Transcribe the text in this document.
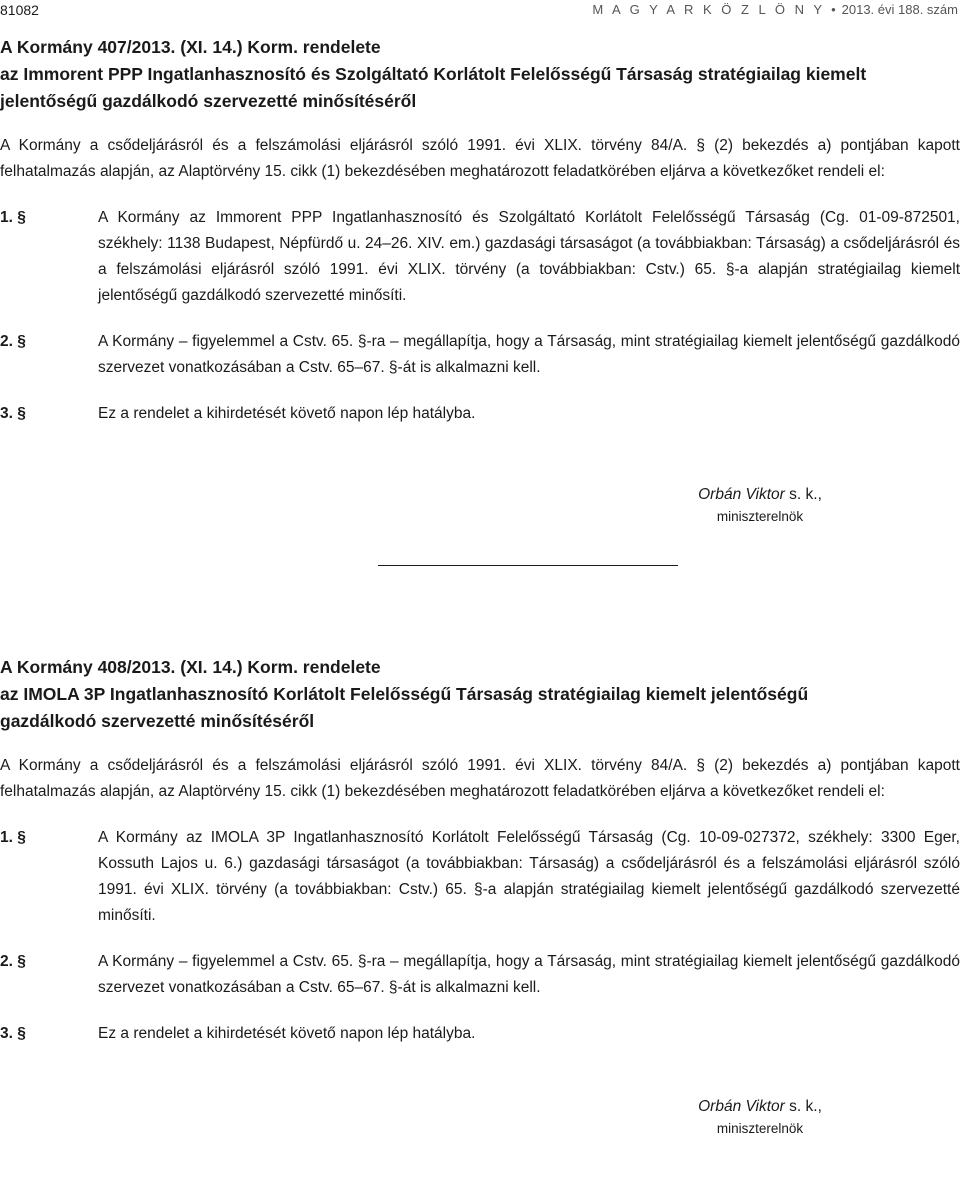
81082	M A G Y A R K Ö Z L Ö N Y • 2013. évi 188. szám
A Kormány 407/2013. (XI. 14.) Korm. rendelete
az Immorent PPP Ingatlanhasznosító és Szolgáltató Korlátolt Felelősségű Társaság stratégiailag kiemelt
jelentőségű gazdálkodó szervezetté minősítéséről
A Kormány a csődeljárásról és a felszámolási eljárásról szóló 1991. évi XLIX. törvény 84/A. § (2) bekezdés a) pontjában kapott felhatalmazás alapján, az Alaptörvény 15. cikk (1) bekezdésében meghatározott feladatkörében eljárva a következőket rendeli el:
1. §	A Kormány az Immorent PPP Ingatlanhasznosító és Szolgáltató Korlátolt Felelősségű Társaság (Cg. 01-09-872501, székhely: 1138 Budapest, Népfürdő u. 24–26. XIV. em.) gazdasági társaságot (a továbbiakban: Társaság) a csődeljárásról és a felszámolási eljárásról szóló 1991. évi XLIX. törvény (a továbbiakban: Cstv.) 65. §-a alapján stratégiailag kiemelt jelentőségű gazdálkodó szervezetté minősíti.
2. §	A Kormány – figyelemmel a Cstv. 65. §-ra – megállapítja, hogy a Társaság, mint stratégiailag kiemelt jelentőségű gazdálkodó szervezet vonatkozásában a Cstv. 65–67. §-át is alkalmazni kell.
3. §	Ez a rendelet a kihirdetését követő napon lép hatályba.
Orbán Viktor s. k.,
miniszterelnök
A Kormány 408/2013. (XI. 14.) Korm. rendelete
az IMOLA 3P Ingatlanhasznosító Korlátolt Felelősségű Társaság stratégiailag kiemelt jelentőségű
gazdálkodó szervezetté minősítéséről
A Kormány a csődeljárásról és a felszámolási eljárásról szóló 1991. évi XLIX. törvény 84/A. § (2) bekezdés a) pontjában kapott felhatalmazás alapján, az Alaptörvény 15. cikk (1) bekezdésében meghatározott feladatkörében eljárva a következőket rendeli el:
1. §	A Kormány az IMOLA 3P Ingatlanhasznosító Korlátolt Felelősségű Társaság (Cg. 10-09-027372, székhely: 3300 Eger, Kossuth Lajos u. 6.) gazdasági társaságot (a továbbiakban: Társaság) a csődeljárásról és a felszámolási eljárásról szóló 1991. évi XLIX. törvény (a továbbiakban: Cstv.) 65. §-a alapján stratégiailag kiemelt jelentőségű gazdálkodó szervezetté minősíti.
2. §	A Kormány – figyelemmel a Cstv. 65. §-ra – megállapítja, hogy a Társaság, mint stratégiailag kiemelt jelentőségű gazdálkodó szervezet vonatkozásában a Cstv. 65–67. §-át is alkalmazni kell.
3. §	Ez a rendelet a kihirdetését követő napon lép hatályba.
Orbán Viktor s. k.,
miniszterelnök
